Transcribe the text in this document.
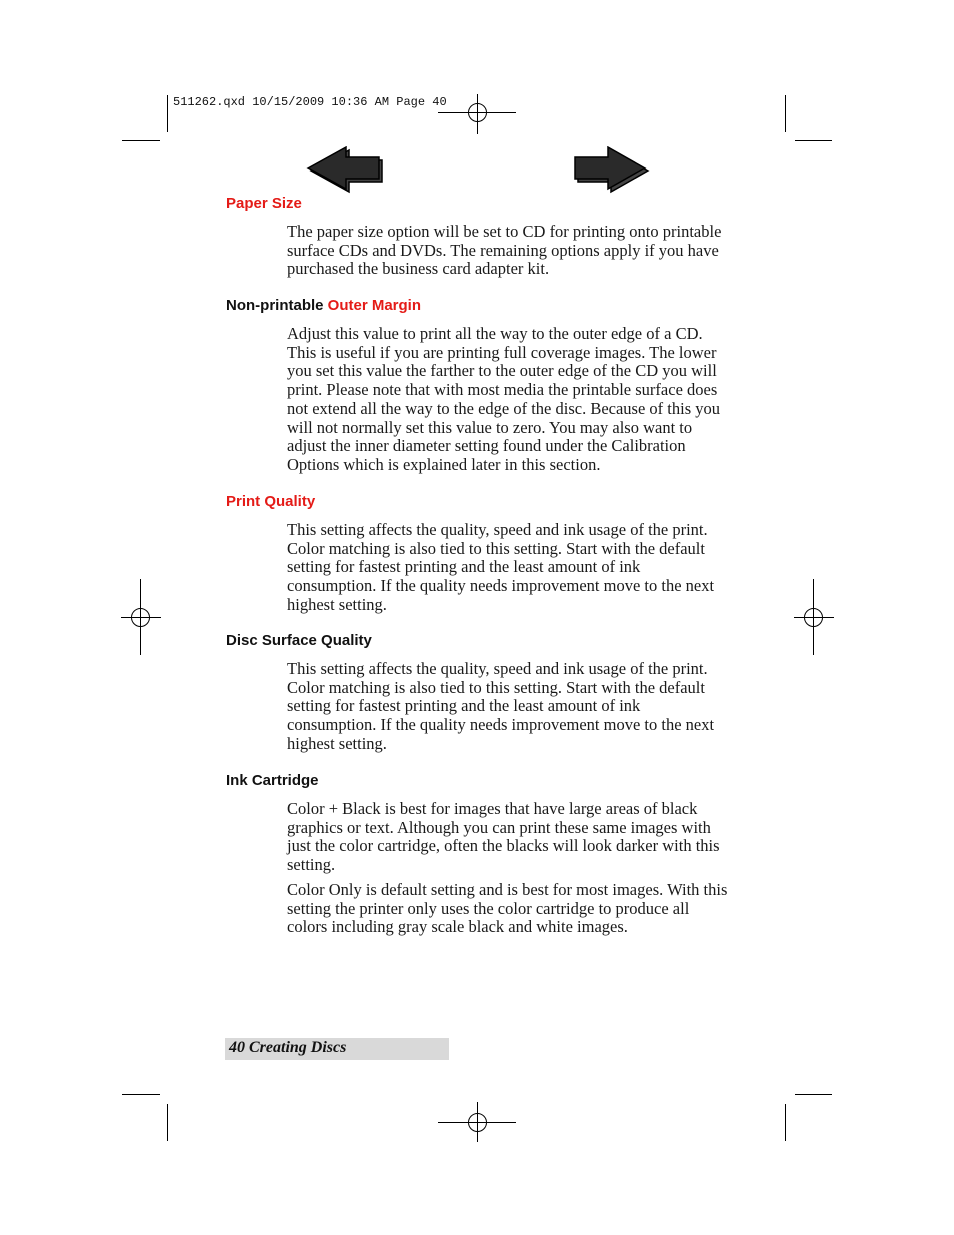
511262.qxd 10/15/2009 10:36 AM Page 40
Paper Size

The paper size option will be set to CD for printing onto printable surface CDs and DVDs. The remaining options apply if you have purchased the business card adapter kit.

Non-printable Outer Margin

Adjust this value to print all the way to the outer edge of a CD. This is useful if you are printing full coverage images. The lower you set this value the farther to the outer edge of the CD you will print. Please note that with most media the printable surface does not extend all the way to the edge of the disc. Because of this you will not normally set this value to zero. You may also want to adjust the inner diameter setting found under the Calibration Options which is explained later in this section.

Print Quality

This setting affects the quality, speed and ink usage of the print. Color matching is also tied to this setting. Start with the default setting for fastest printing and the least amount of ink consumption. If the quality needs improvement move to the next highest setting.

Disc Surface Quality

This setting affects the quality, speed and ink usage of the print. Color matching is also tied to this setting. Start with the default setting for fastest printing and the least amount of ink consumption. If the quality needs improvement move to the next highest setting.

Ink Cartridge

Color + Black is best for images that have large areas of black graphics or text. Although you can print these same images with just the color cartridge, often the blacks will look darker with this setting.

Color Only is default setting and is best for most images. With this setting the printer only uses the color cartridge to produce all colors including gray scale black and white images.

40 Creating Discs
